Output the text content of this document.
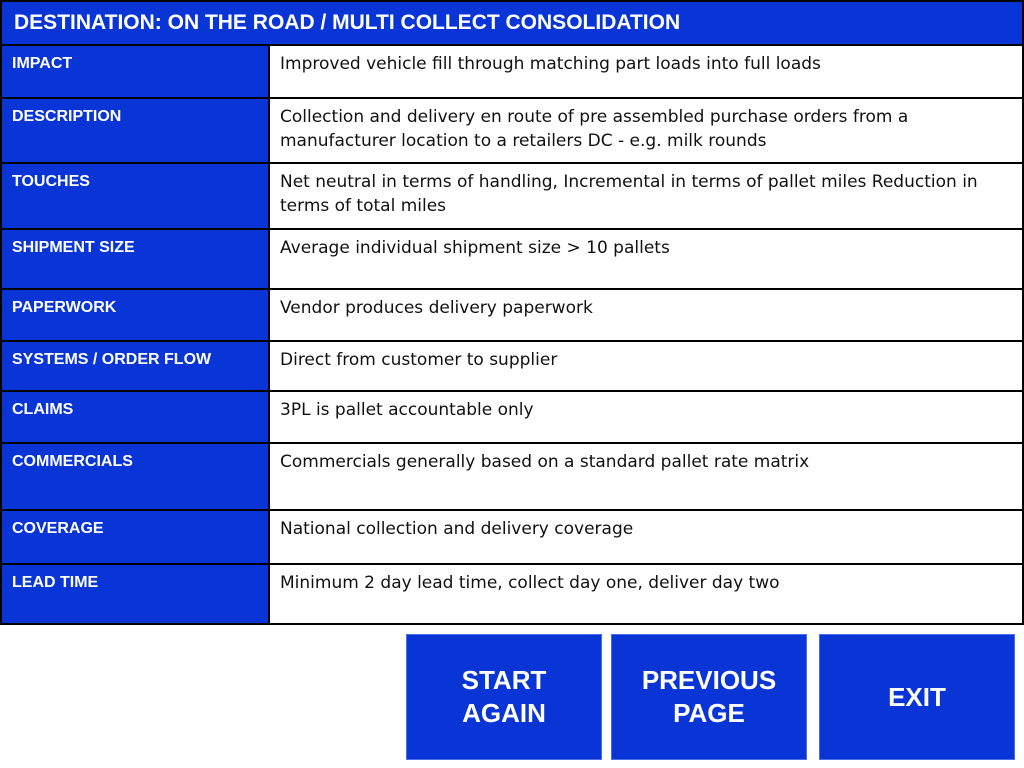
DESTINATION: ON THE ROAD / MULTI COLLECT CONSOLIDATION
IMPACT	Improved vehicle fill through matching part loads into full loads
DESCRIPTION	Collection and delivery en route of pre assembled purchase orders from a manufacturer location to a retailers DC - e.g. milk rounds
TOUCHES	Net neutral in terms of handling, Incremental in terms of pallet miles Reduction in terms of total miles
SHIPMENT SIZE	Average individual shipment size > 10 pallets
PAPERWORK	Vendor produces delivery paperwork
SYSTEMS / ORDER FLOW	Direct from customer to supplier
CLAIMS	3PL is pallet accountable only
COMMERCIALS	Commercials generally based on a standard pallet rate matrix
COVERAGE	National collection and delivery coverage
LEAD TIME	Minimum 2 day lead time, collect day one, deliver day two
START AGAIN
PREVIOUS PAGE
EXIT
